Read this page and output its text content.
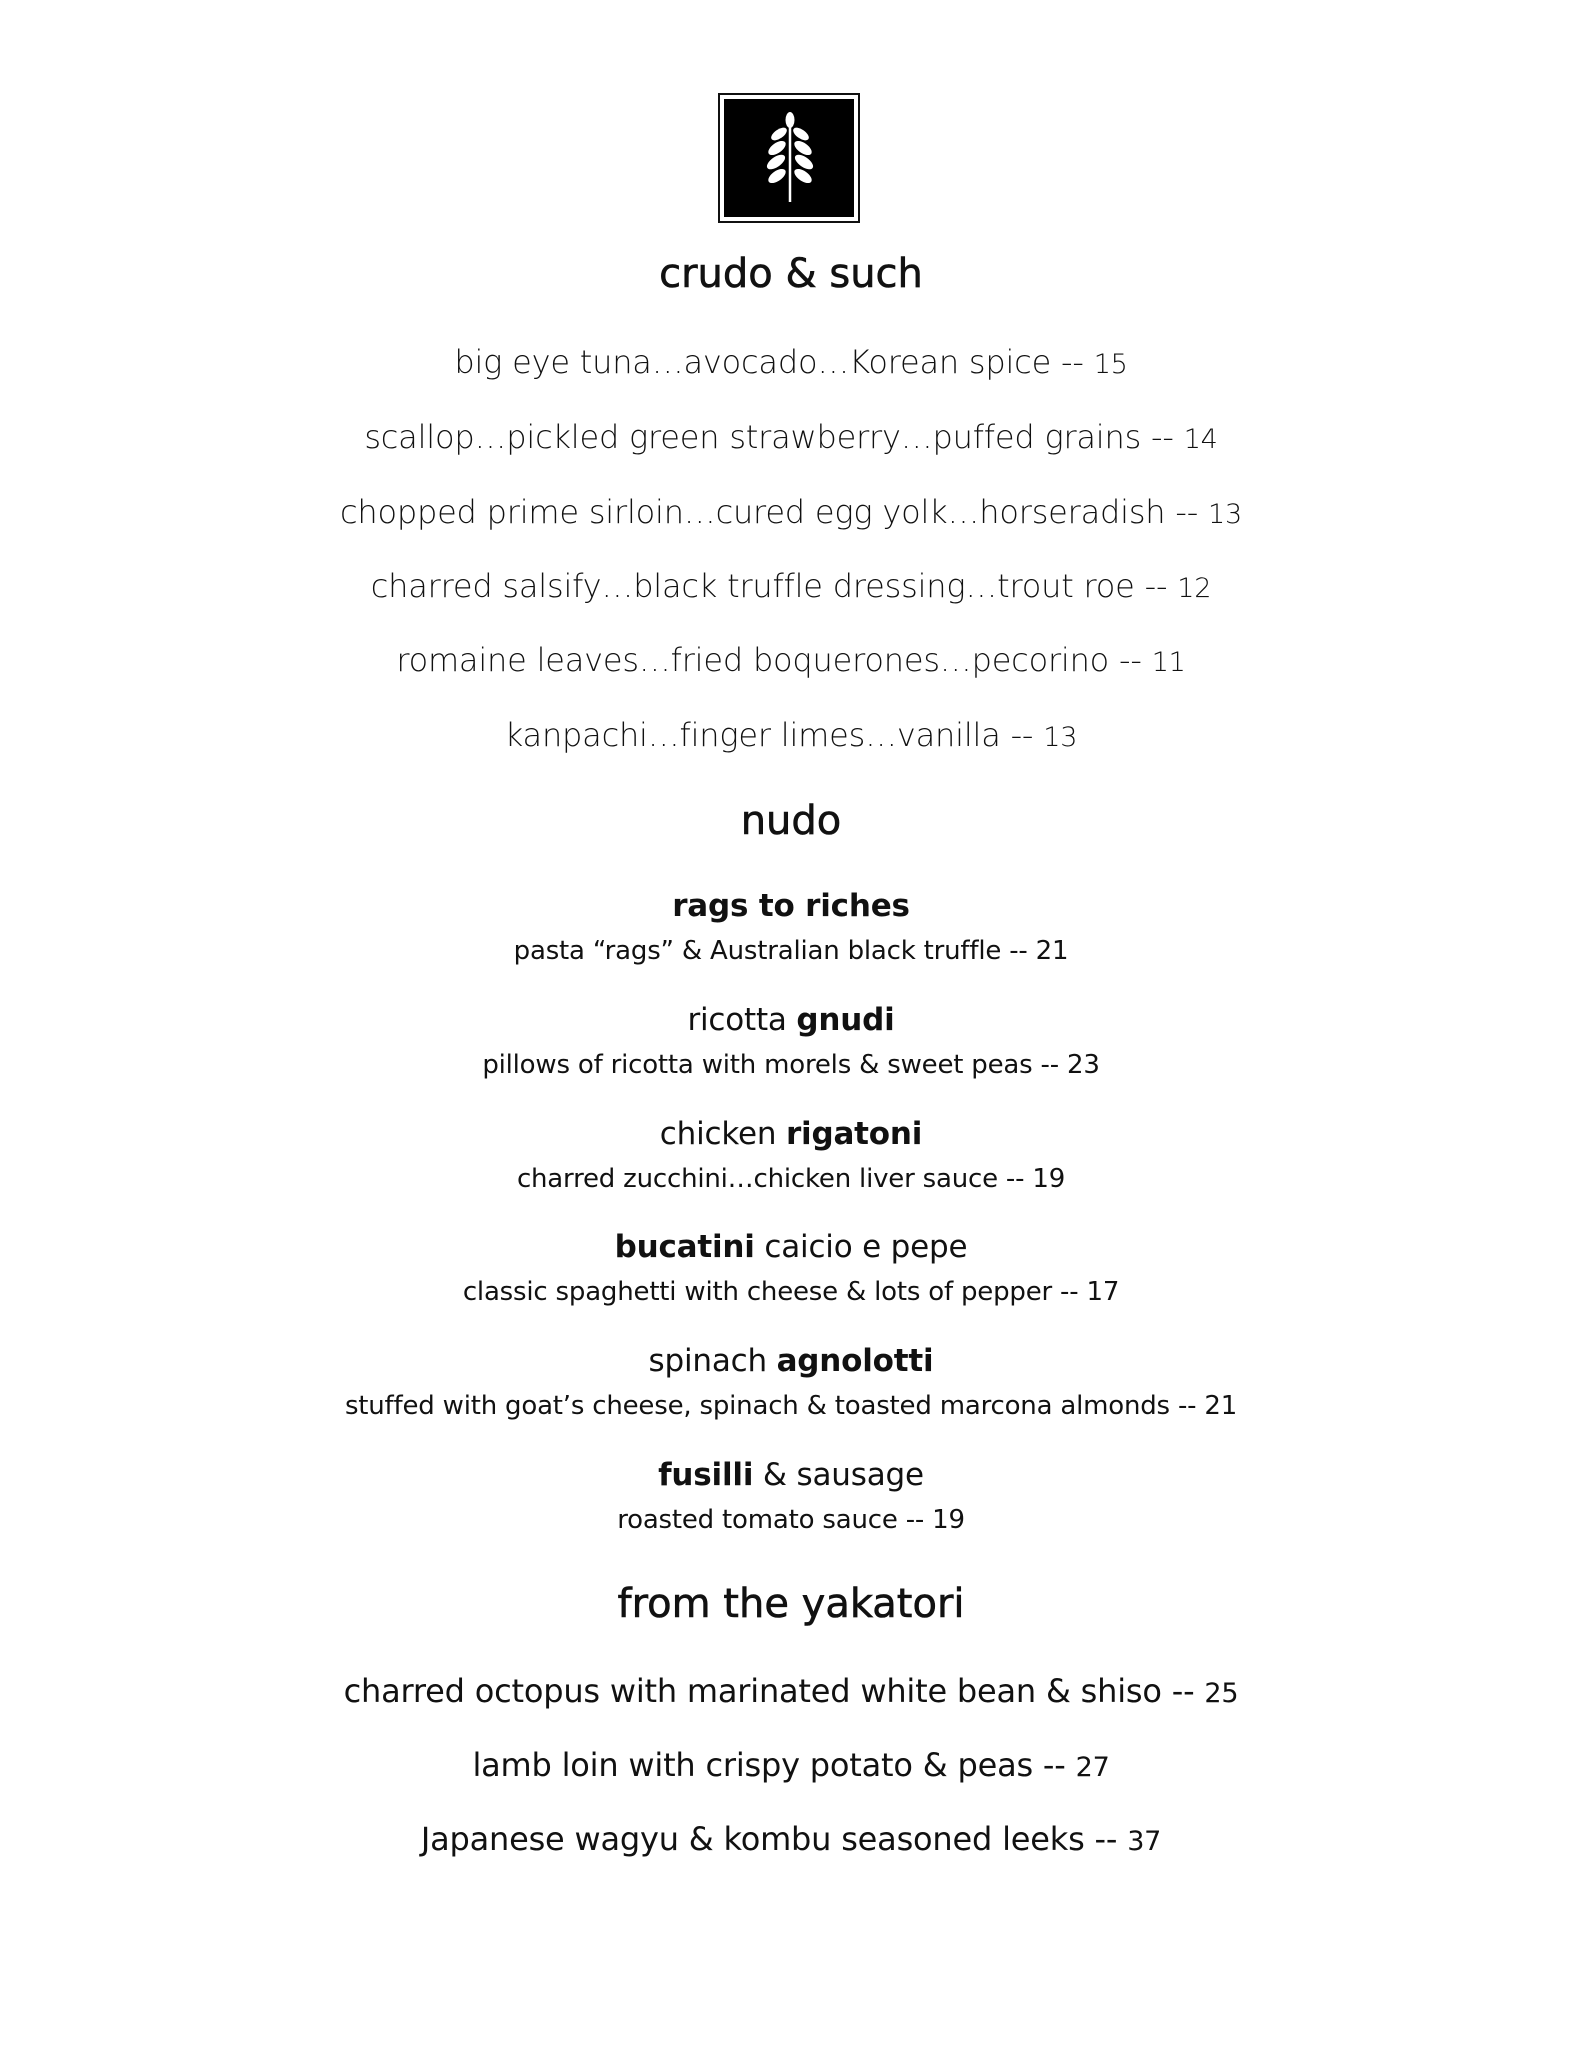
crudo & such
big eye tuna…avocado…Korean spice -- 15
scallop…pickled green strawberry…puffed grains -- 14
chopped prime sirloin…cured egg yolk…horseradish -- 13
charred salsify…black truffle dressing…trout roe -- 12
romaine leaves…fried boquerones…pecorino -- 11
kanpachi…finger limes…vanilla -- 13
nudo
rags to riches
pasta “rags” & Australian black truffle -- 21
ricotta gnudi
pillows of ricotta with morels & sweet peas -- 23
chicken rigatoni
charred zucchini…chicken liver sauce -- 19
bucatini caicio e pepe
classic spaghetti with cheese & lots of pepper -- 17
spinach agnolotti
stuffed with goat’s cheese, spinach & toasted marcona almonds -- 21
fusilli & sausage
roasted tomato sauce -- 19
from the yakatori
charred octopus with marinated white bean & shiso -- 25
lamb loin with crispy potato & peas -- 27
Japanese wagyu & kombu seasoned leeks -- 37
